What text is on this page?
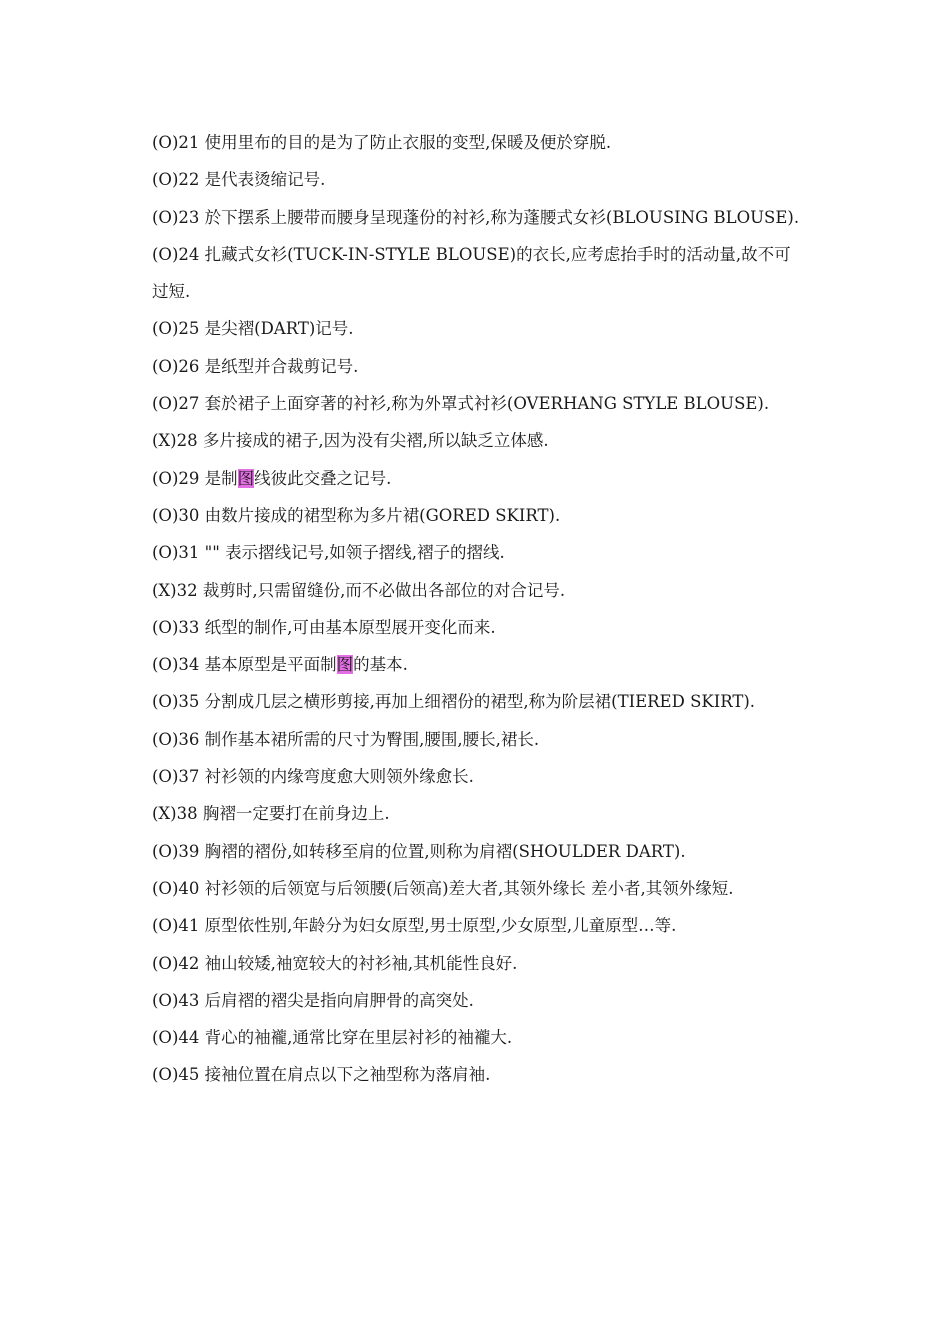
(O)21 使用里布的目的是为了防止衣服的变型,保暖及便於穿脱.

(O)22 是代表烫缩记号.

(O)23 於下摆系上腰带而腰身呈现蓬份的衬衫,称为蓬腰式女衫(BLOUSING BLOUSE).

(O)24 扎藏式女衫(TUCK-IN-STYLE BLOUSE)的衣长,应考虑抬手时的活动量,故不可过短.

(O)25 是尖褶(DART)记号.

(O)26 是纸型并合裁剪记号.

(O)27 套於裙子上面穿著的衬衫,称为外罩式衬衫(OVERHANG STYLE BLOUSE).

(X)28 多片接成的裙子,因为没有尖褶,所以缺乏立体感.

(O)29 是制图线彼此交叠之记号.

(O)30 由数片接成的裙型称为多片裙(GORED SKIRT).

(O)31 "" 表示摺线记号,如领子摺线,褶子的摺线.

(X)32 裁剪时,只需留缝份,而不必做出各部位的对合记号.

(O)33 纸型的制作,可由基本原型展开变化而来.

(O)34 基本原型是平面制图的基本.

(O)35 分割成几层之横形剪接,再加上细褶份的裙型,称为阶层裙(TIERED SKIRT).

(O)36 制作基本裙所需的尺寸为臀围,腰围,腰长,裙长.

(O)37 衬衫领的内缘弯度愈大则领外缘愈长.

(X)38 胸褶一定要打在前身边上.

(O)39 胸褶的褶份,如转移至肩的位置,则称为肩褶(SHOULDER DART).

(O)40 衬衫领的后领宽与后领腰(后领高)差大者,其领外缘长 差小者,其领外缘短.

(O)41 原型依性别,年龄分为妇女原型,男士原型,少女原型,儿童原型…等.

(O)42 袖山较矮,袖宽较大的衬衫袖,其机能性良好.

(O)43 后肩褶的褶尖是指向肩胛骨的高突处.

(O)44 背心的袖襱,通常比穿在里层衬衫的袖襱大.

(O)45 接袖位置在肩点以下之袖型称为落肩袖.
